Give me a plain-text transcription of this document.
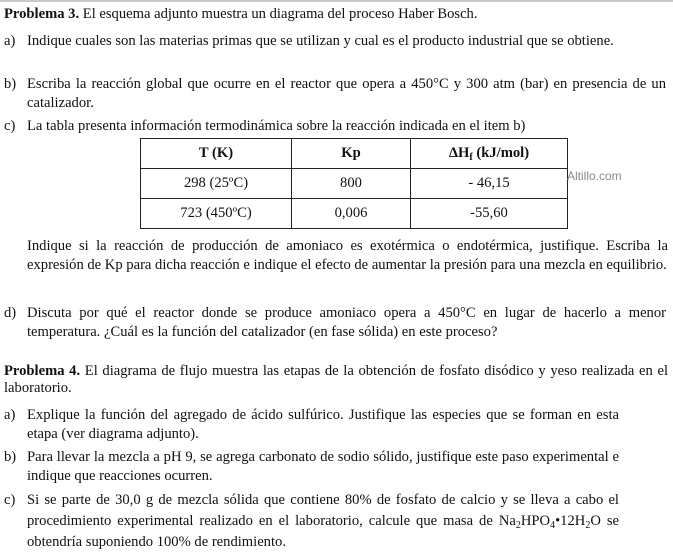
Problema 3. El esquema adjunto muestra un diagrama del proceso Haber Bosch.
a) Indique cuales son las materias primas que se utilizan y cual es el producto industrial que se obtiene.
b) Escriba la reacción global que ocurre en el reactor que opera a 450°C y 300 atm (bar) en presencia de un catalizador.
c) La tabla presenta información termodinámica sobre la reacción indicada en el item b)
T (K)	Kp	$\Delta H_f$ (kJ/mol)
298 (25ºC)	800	- 46,15
723 (450ºC)	0,006	-55,60
Altillo.com
Indique si la reacción de producción de amoniaco es exotérmica o endotérmica, justifique. Escriba la expresión de Kp para dicha reacción e indique el efecto de aumentar la presión para una mezcla en equilibrio.
d) Discuta por qué el reactor donde se produce amoniaco opera a 450°C en lugar de hacerlo a menor temperatura. ¿Cuál es la función del catalizador (en fase sólida) en este proceso?
Problema 4. El diagrama de flujo muestra las etapas de la obtención de fosfato disódico y yeso realizada en el laboratorio.
a) Explique la función del agregado de ácido sulfúrico. Justifique las especies que se forman en esta etapa (ver diagrama adjunto).
b) Para llevar la mezcla a pH 9, se agrega carbonato de sodio sólido, justifique este paso experimental e indique que reacciones ocurren.
c) Si se parte de 30,0 g de mezcla sólida que contiene 80% de fosfato de calcio y se lleva a cabo el procedimiento experimental realizado en el laboratorio, calcule que masa de $Na_2HPO_4•12H_2O$ se obtendría suponiendo 100% de rendimiento.
